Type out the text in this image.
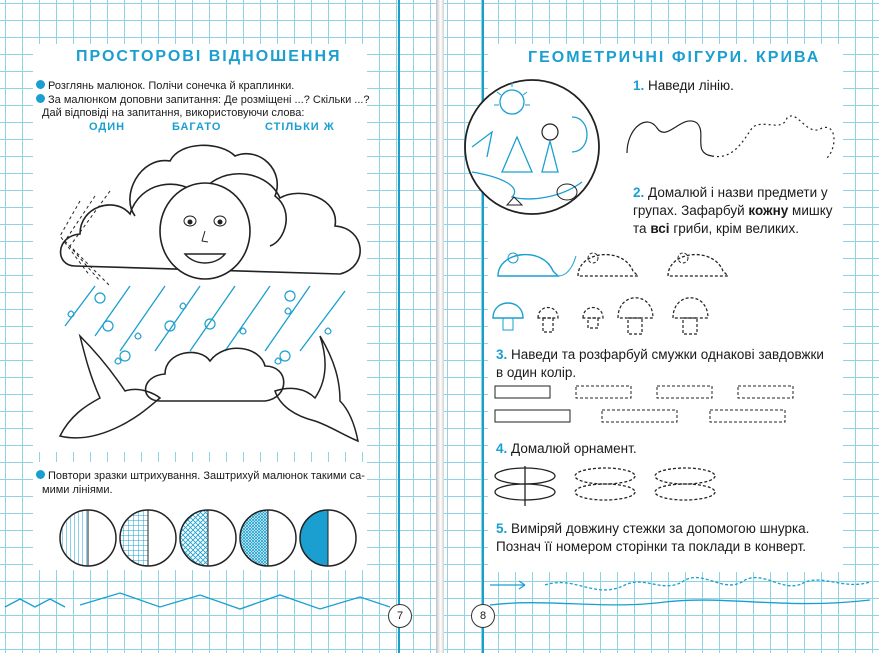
ПРОСТОРОВІ ВІДНОШЕННЯ
Розглянь малюнок. Полічи сонечка й краплинки.
За малюнком доповни запитання: Де розміщені ...? Скільки ...?
Дай відповіді на запитання, використовуючи слова:
ОДИН	БАГАТО	СТІЛЬКИ Ж
Повтори зразки штрихування. Заштрихуй малюнок такими са-
мими лініями.
7
ГЕОМЕТРИЧНІ ФІГУРИ. КРИВА
1. Наведи лінію.
2. Домалюй і назви предмети у
групах. Зафарбуй кожну мишку
та всі гриби, крім великих.
3. Наведи та розфарбуй смужки однакові завдовжки
в один колір.
4. Домалюй орнамент.
5. Виміряй довжину стежки за допомогою шнурка.
Познач її номером сторінки та поклади в конверт.
8
